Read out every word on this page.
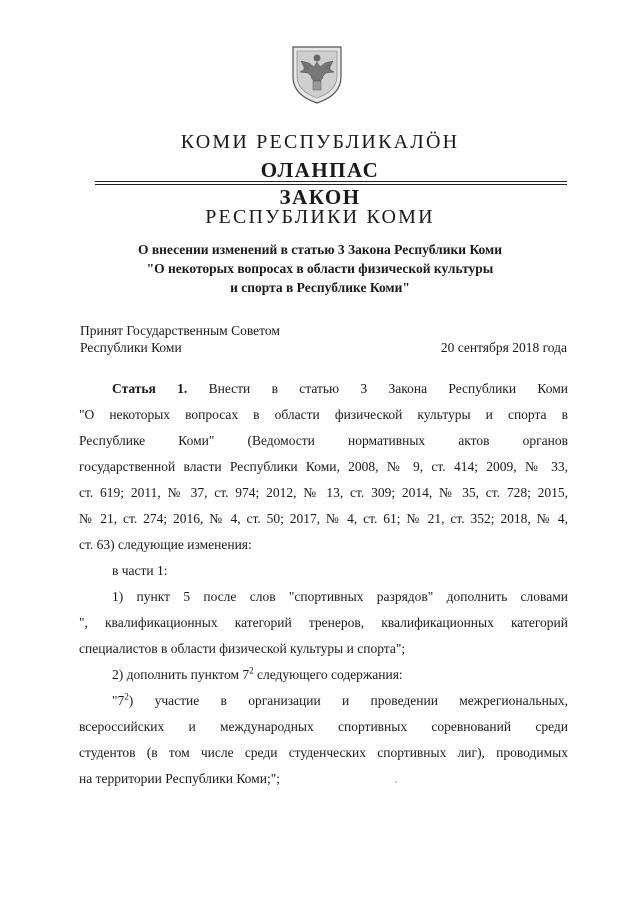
КОМИ РЕСПУБЛИКАЛӦН
ОЛАНПАС
ЗАКОН
РЕСПУБЛИКИ КОМИ
О внесении изменений в статью 3 Закона Республики Коми
"О некоторых вопросах в области физической культуры
и спорта в Республике Коми"
Принят Государственным Советом
Республики Коми	20 сентября 2018 года
Статья 1. Внести в статью 3 Закона Республики Коми
"О некоторых вопросах в области физической культуры и спорта в
Республике Коми" (Ведомости нормативных актов органов
государственной власти Республики Коми, 2008, № 9, ст. 414; 2009, № 33,
ст. 619; 2011, № 37, ст. 974; 2012, № 13, ст. 309; 2014, № 35, ст. 728; 2015,
№ 21, ст. 274; 2016, № 4, ст. 50; 2017, № 4, ст. 61; № 21, ст. 352; 2018, № 4,
ст. 63) следующие изменения:
в части 1:
1) пункт 5 после слов "спортивных разрядов" дополнить словами
", квалификационных категорий тренеров, квалификационных категорий
специалистов в области физической культуры и спорта";
2) дополнить пунктом $7^2$ следующего содержания:
"$7^2$) участие в организации и проведении межрегиональных,
всероссийских и международных спортивных соревнований среди
студентов (в том числе среди студенческих спортивных лиг), проводимых
на территории Республики Коми;";
